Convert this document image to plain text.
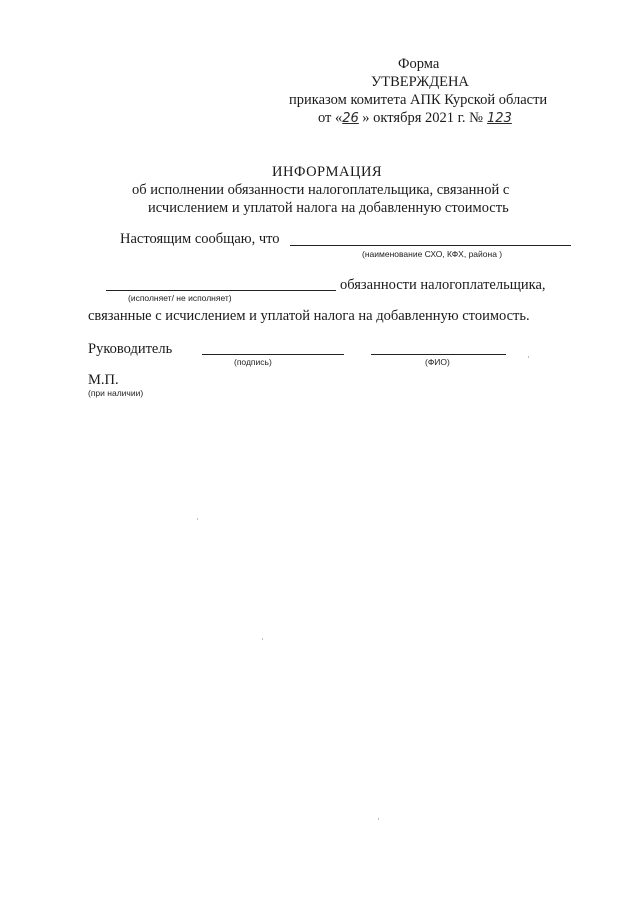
Форма
УТВЕРЖДЕНА
приказом комитета АПК Курской области
от «26 » октября 2021 г. № 123
ИНФОРМАЦИЯ
об исполнении обязанности налогоплательщика, связанной с
исчислением и уплатой налога на добавленную стоимость
Настоящим сообщаю, что
(наименование СХО, КФХ, района )
обязанности налогоплательщика,
(исполняет/ не исполняет)
связанные с исчислением и уплатой налога на добавленную стоимость.
Руководитель
(подпись)	(ФИО)
М.П.
(при наличии)
